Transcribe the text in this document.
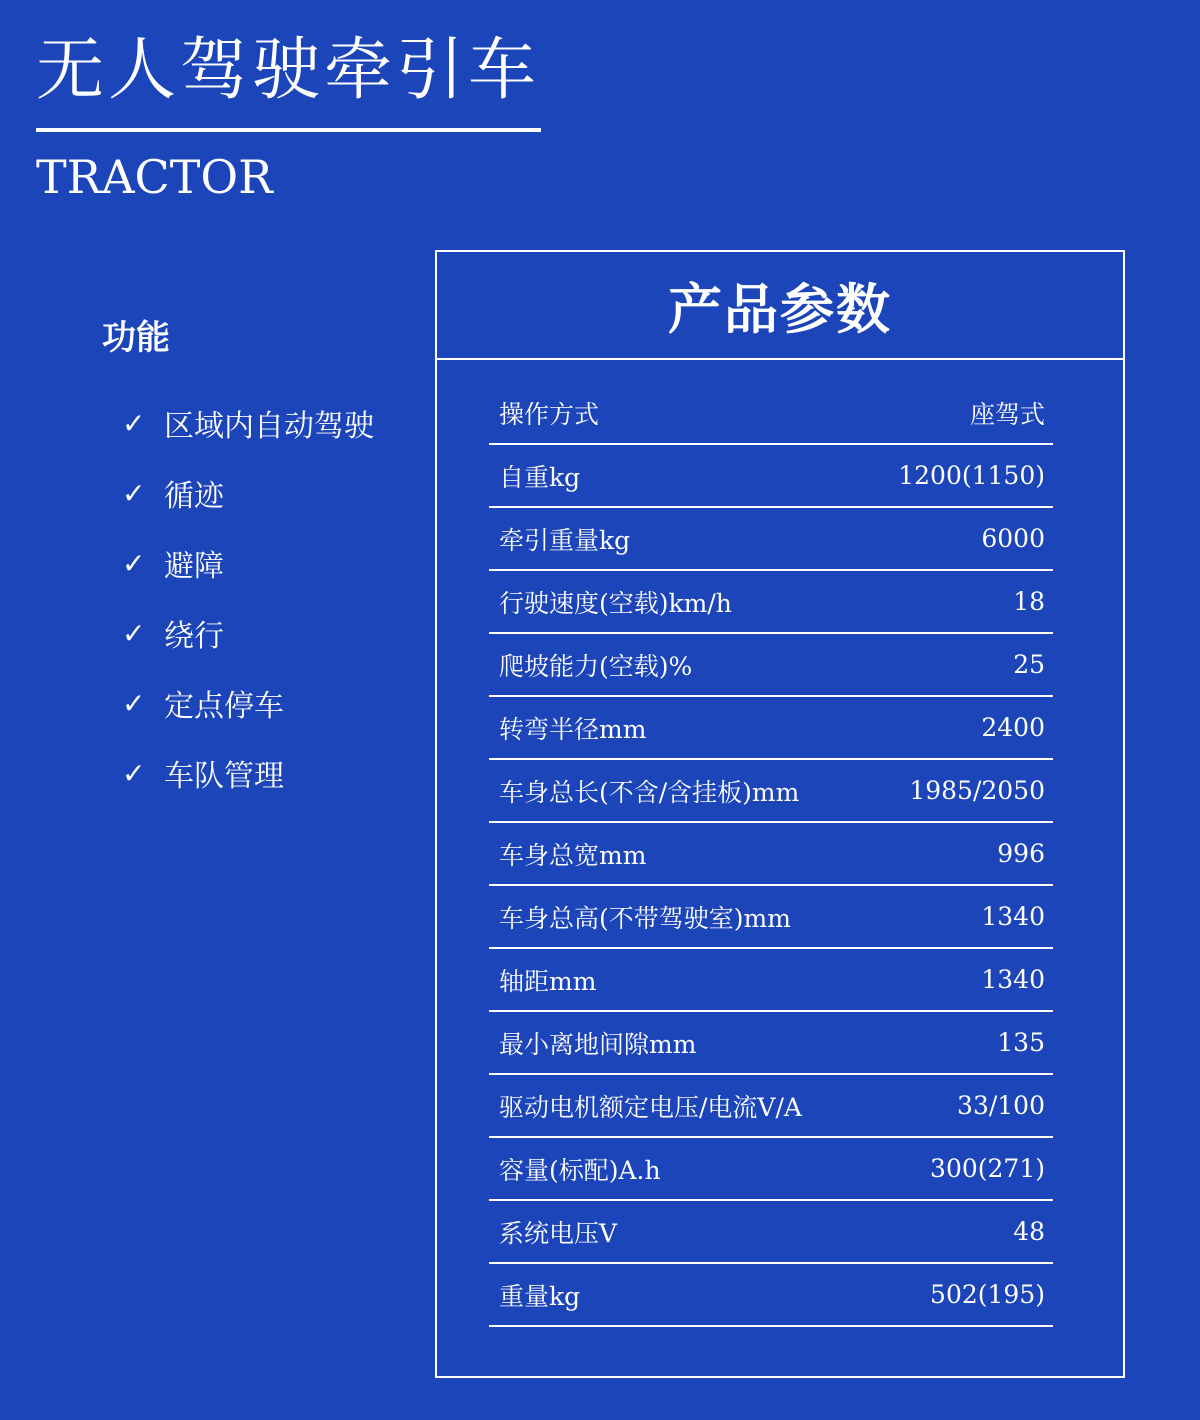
无人驾驶牵引车
TRACTOR
功能
✓ 区域内自动驾驶
✓ 循迹
✓ 避障
✓ 绕行
✓ 定点停车
✓ 车队管理
产品参数
操作方式	座驾式
自重kg	1200(1150)
牵引重量kg	6000
行驶速度(空载)km/h	18
爬坡能力(空载)%	25
转弯半径mm	2400
车身总长(不含/含挂板)mm	1985/2050
车身总宽mm	996
车身总高(不带驾驶室)mm	1340
轴距mm	1340
最小离地间隙mm	135
驱动电机额定电压/电流V/A	33/100
容量(标配)A.h	300(271)
系统电压V	48
重量kg	502(195)
